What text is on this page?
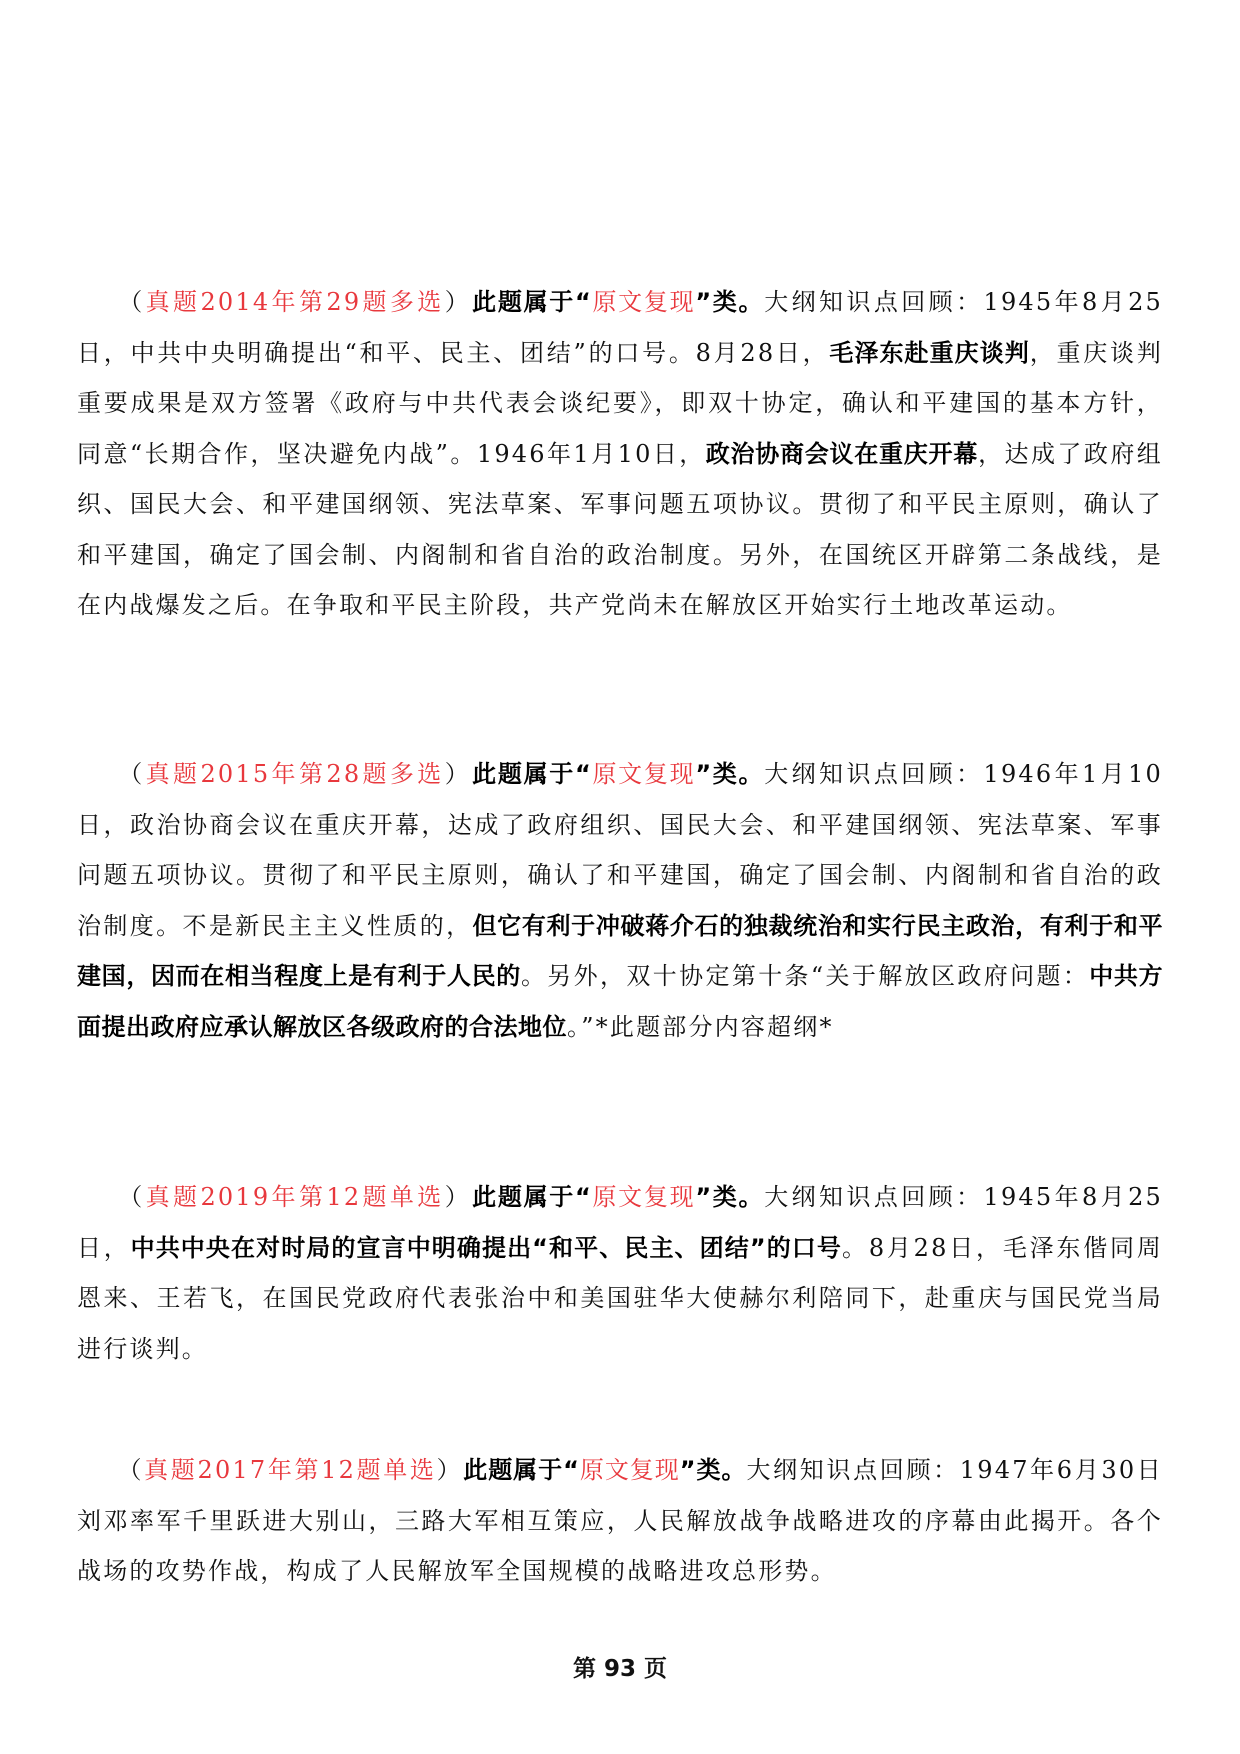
（真题2014年第29题多选）此题属于“原文复现”类。大纲知识点回顾：1945年8月25日，中共中央明确提出“和平、民主、团结”的口号。8月28日，毛泽东赴重庆谈判，重庆谈判重要成果是双方签署《政府与中共代表会谈纪要》，即双十协定，确认和平建国的基本方针，同意“长期合作，坚决避免内战”。1946年1月10日，政治协商会议在重庆开幕，达成了政府组织、国民大会、和平建国纲领、宪法草案、军事问题五项协议。贯彻了和平民主原则，确认了和平建国，确定了国会制、内阁制和省自治的政治制度。另外，在国统区开辟第二条战线，是在内战爆发之后。在争取和平民主阶段，共产党尚未在解放区开始实行土地改革运动。

（真题2015年第28题多选）此题属于“原文复现”类。大纲知识点回顾：1946年1月10日，政治协商会议在重庆开幕，达成了政府组织、国民大会、和平建国纲领、宪法草案、军事问题五项协议。贯彻了和平民主原则，确认了和平建国，确定了国会制、内阁制和省自治的政治制度。不是新民主主义性质的，但它有利于冲破蒋介石的独裁统治和实行民主政治，有利于和平建国，因而在相当程度上是有利于人民的。另外，双十协定第十条“关于解放区政府问题：中共方面提出政府应承认解放区各级政府的合法地位。”*此题部分内容超纲*

（真题2019年第12题单选）此题属于“原文复现”类。大纲知识点回顾：1945年8月25日，中共中央在对时局的宣言中明确提出“和平、民主、团结”的口号。8月28日，毛泽东偕同周恩来、王若飞，在国民党政府代表张治中和美国驻华大使赫尔利陪同下，赴重庆与国民党当局进行谈判。

（真题2017年第12题单选）此题属于“原文复现”类。大纲知识点回顾：1947年6月30日刘邓率军千里跃进大别山，三路大军相互策应，人民解放战争战略进攻的序幕由此揭开。各个战场的攻势作战，构成了人民解放军全国规模的战略进攻总形势。

第 93 页
